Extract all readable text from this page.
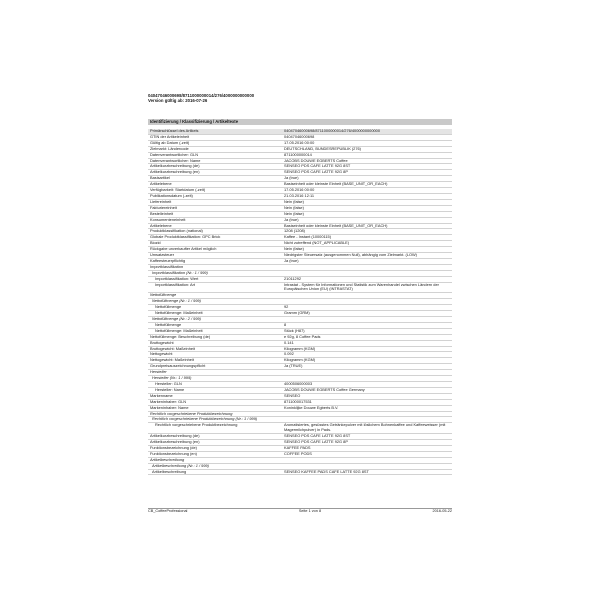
04047046000698/8711000000014/276/4000000000000
Version gültig ab: 2016-07-26
Identifizierung / Klassifizierung / Artikeltexte
Primärschlüssel des Artikels	04047046000698/8711000000014/276/4000000000000
GTIN der Artikeleinheit	04047046000698
Gültig ab Datum (-zeit)	17.05.2016 00:00
Zielmarkt: Ländercode	DEUTSCHLAND, BUNDESREPUBLIK (276)
Datenverantwortlicher: GLN	8711000000014
Datenverantwortlicher: Name	JACOBS DOUWE EGBERTS Coffee
Artikelkurzbeschreibung (de)	SENSEO PDS CAFE LATTE 92G 8ST
Artikelkurzbeschreibung (en)	SENSEO PDS CAFE LATTE 92G 8P
Basisartikel	Ja (true)
Artikelebene	Basiseinheit oder kleinste Einheit (BASE_UNIT_OR_EACH)
Verfügbarkeit: Startdatum (-zeit)	17.05.2016 00:00
Publikationsdatum (-zeit)	21.03.2016 12:11
Liefereinheit	Nein (false)
Fakturiereinheit	Nein (false)
Bestelleinheit	Nein (false)
Konsumenteneinheit	Ja (true)
Artikelebene	Basiseinheit oder kleinste Einheit (BASE_UNIT_OR_EACH)
Produktklassifikation (national)	1208 (1208)
Globale Produktklassifikation: GPC Brick	Kaffee - Instant (10000115)
Biozid	Nicht zutreffend (NOT_APPLICABLE)
Rückgabe unverkaufter Artikel möglich	Nein (false)
Umsatzsteuer	Niedrigster Steuersatz (ausgenommen Null), abhängig vom Zielmarkt. (LOW)
Kaffeesteuerpflichtig	Ja (true)
Importklassifikation
Importklassifikation (Nr.: 1 / 999)
Importklassifikation: Wert	21011292
Importklassifikation: Art	Intrastat - System für Informationen und Statistik zum Warenhandel zwischen Ländern der Europäischen Union (EU) (INTRASTAT)
Nettofüllmenge
Nettofüllmenge (Nr.: 1 / 999)
Nettofüllmenge	92
Nettofüllmenge: Maßeinheit	Gramm (GRM)
Nettofüllmenge (Nr.: 2 / 999)
Nettofüllmenge	8
Nettofüllmenge: Maßeinheit	Stück (H87)
Nettofüllmenge: Beschreibung (de)	e 92g, 8 Coffee Pads
Bruttogewicht	0.141
Bruttogewicht: Maßeinheit	Kilogramm (KGM)
Nettogewicht	0.092
Nettogewicht: Maßeinheit	Kilogramm (KGM)
Grundpreisauszeichnungspflicht	Ja (TRUE)
Hersteller
Hersteller (Nr.: 1 / 999)
Hersteller: GLN	4000506000003
Hersteller: Name	JACOBS DOUWE EGBERTS Coffee Germany
Markenname	SENSEO
Markeninhaber: GLN	8711000017531
Markeninhaber: Name	Koninklijke Douwe Egberts B.V.
Rechtlich vorgeschriebene Produktbezeichnung
Rechtlich vorgeschriebene Produktbezeichnung (Nr.: 1 / 999)
Rechtlich vorgeschriebene Produktbezeichnung	Aromatisiertes, gesüsstes Getränkepulver mit löslichem Bohnenkaffee und Kaffeeweisser (mit Magermilchpulver) in Pads.
Artikelkurzbeschreibung (de)	SENSEO PDS CAFE LATTE 92G 8ST
Artikelkurzbeschreibung (en)	SENSEO PDS CAFE LATTE 92G 8P
Funktionsbezeichnung (de)	KAFFEE PADS
Funktionsbezeichnung (en)	COFFEE PODS
Artikelbeschreibung
Artikelbeschreibung (Nr.: 1 / 999)
Artikelbeschreibung	SENSEO KAFFEE PADS CAFE LATTE 92G 8ST
CB_CoffeeProfessional	Seite 1 von 8	2016-05-22
